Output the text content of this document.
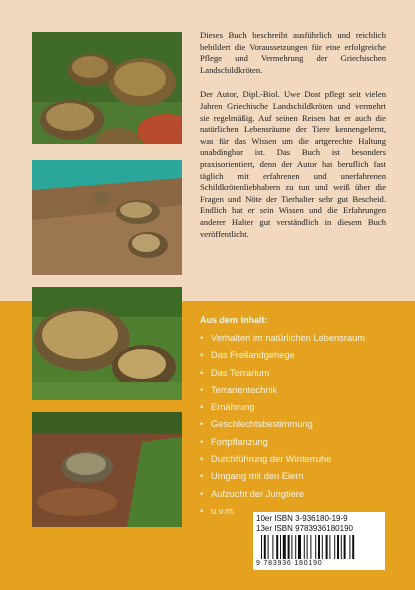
Dieses Buch beschreibt ausführlich und reichlich bebildert die Voraussetzungen für eine erfolgreiche Pflege und Vermehrung der Griechischen Landschildkröten.

Der Autor, Dipl.-Biol. Uwe Dost pflegt seit vielen Jahren Griechische Landschildkröten und vermehrt sie regelmäßig. Auf seinen Reisen hat er auch die natürlichen Lebensräume der Tiere kennengelernt, was für das Wissen um die artgerechte Haltung unabdingbar ist. Das Buch ist besonders praxisorientiert, denn der Autor hat beruflich fast täglich mit erfahrenen und unerfahrenen Schildkrötenliebhabern zu tun und weiß über die Fragen und Nöte der Tierhalter sehr gut Bescheid. Endlich hat er sein Wissen und die Erfahrungen anderer Halter gut verständlich in diesem Buch veröffentlicht.

Aus dem Inhalt:
• Verhalten im natürlichen Lebensraum
• Das Freilandgehege
• Das Terrarium
• Terrarientechnik
• Ernährung
• Geschlechtsbestimmung
• Fortpflanzung
• Durchführung der Winterruhe
• Umgang mit den Eiern
• Aufzucht der Jungtiere
• u.v.m.
10er ISBN 3-936180-19-9
13er ISBN 9783936180190
9 783936 180190
